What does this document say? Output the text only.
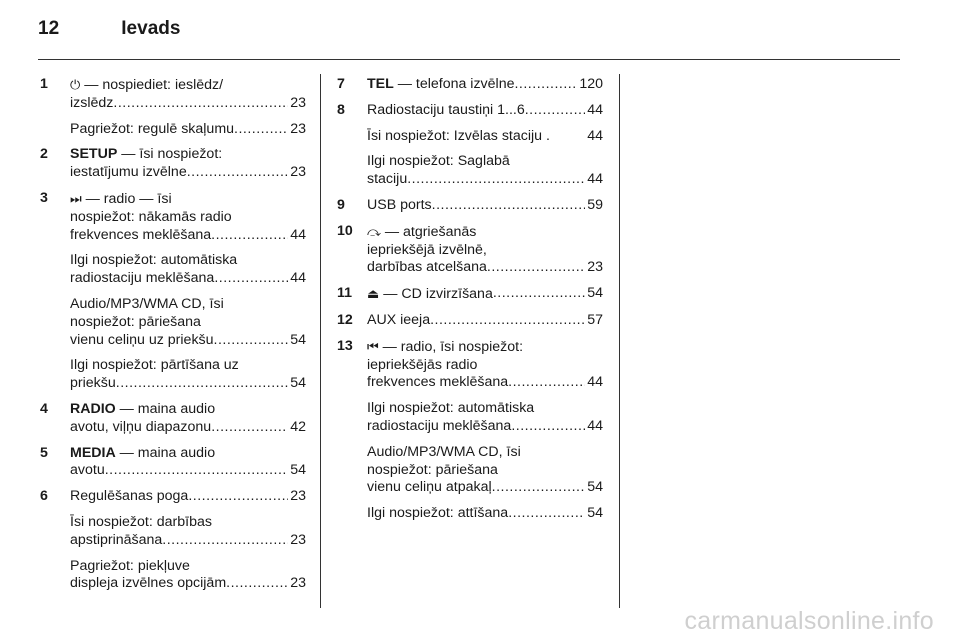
12	Ievads
1	⏻ — nospiediet: ieslēdz/
izslēdz .....	23
Pagriežot: regulē skaļumu .....	23
2	SETUP — īsi nospiežot:
iestatījumu izvēlne .....	23
3	⏭ — radio — īsi
nospiežot: nākamās radio
frekvences meklēšana .....	44
Ilgi nospiežot: automātiska
radiostaciju meklēšana .....	44
Audio/MP3/WMA CD, īsi
nospiežot: pāriešana
vienu celiņu uz priekšu .....	54
Ilgi nospiežot: pārtīšana uz
priekšu .....	54
4	RADIO — maina audio
avotu, viļņu diapazonu .....	42
5	MEDIA — maina audio
avotu .....	54
6	Regulēšanas poga .....	23
Īsi nospiežot: darbības
apstiprināšana .....	23
Pagriežot: piekļuve
displeja izvēlnes opcijām .....	23
7	TEL — telefona izvēlne .....	120
8	Radiostaciju taustiņi 1...6 .....	44
Īsi nospiežot: Izvēlas staciju .	44
Ilgi nospiežot: Saglabā
staciju .....	44
9	USB ports .....	59
10	⤼ — atgriešanās
iepriekšējā izvēlnē,
darbības atcelšana .....	23
11	⏏ — CD izvirzīšana .....	54
12	AUX ieeja .....	57
13	⏮ — radio, īsi nospiežot:
iepriekšējās radio
frekvences meklēšana .....	44
Ilgi nospiežot: automātiska
radiostaciju meklēšana .....	44
Audio/MP3/WMA CD, īsi
nospiežot: pāriešana
vienu celiņu atpakaļ .....	54
Ilgi nospiežot: attīšana .....	54
carmanualsonline.info
